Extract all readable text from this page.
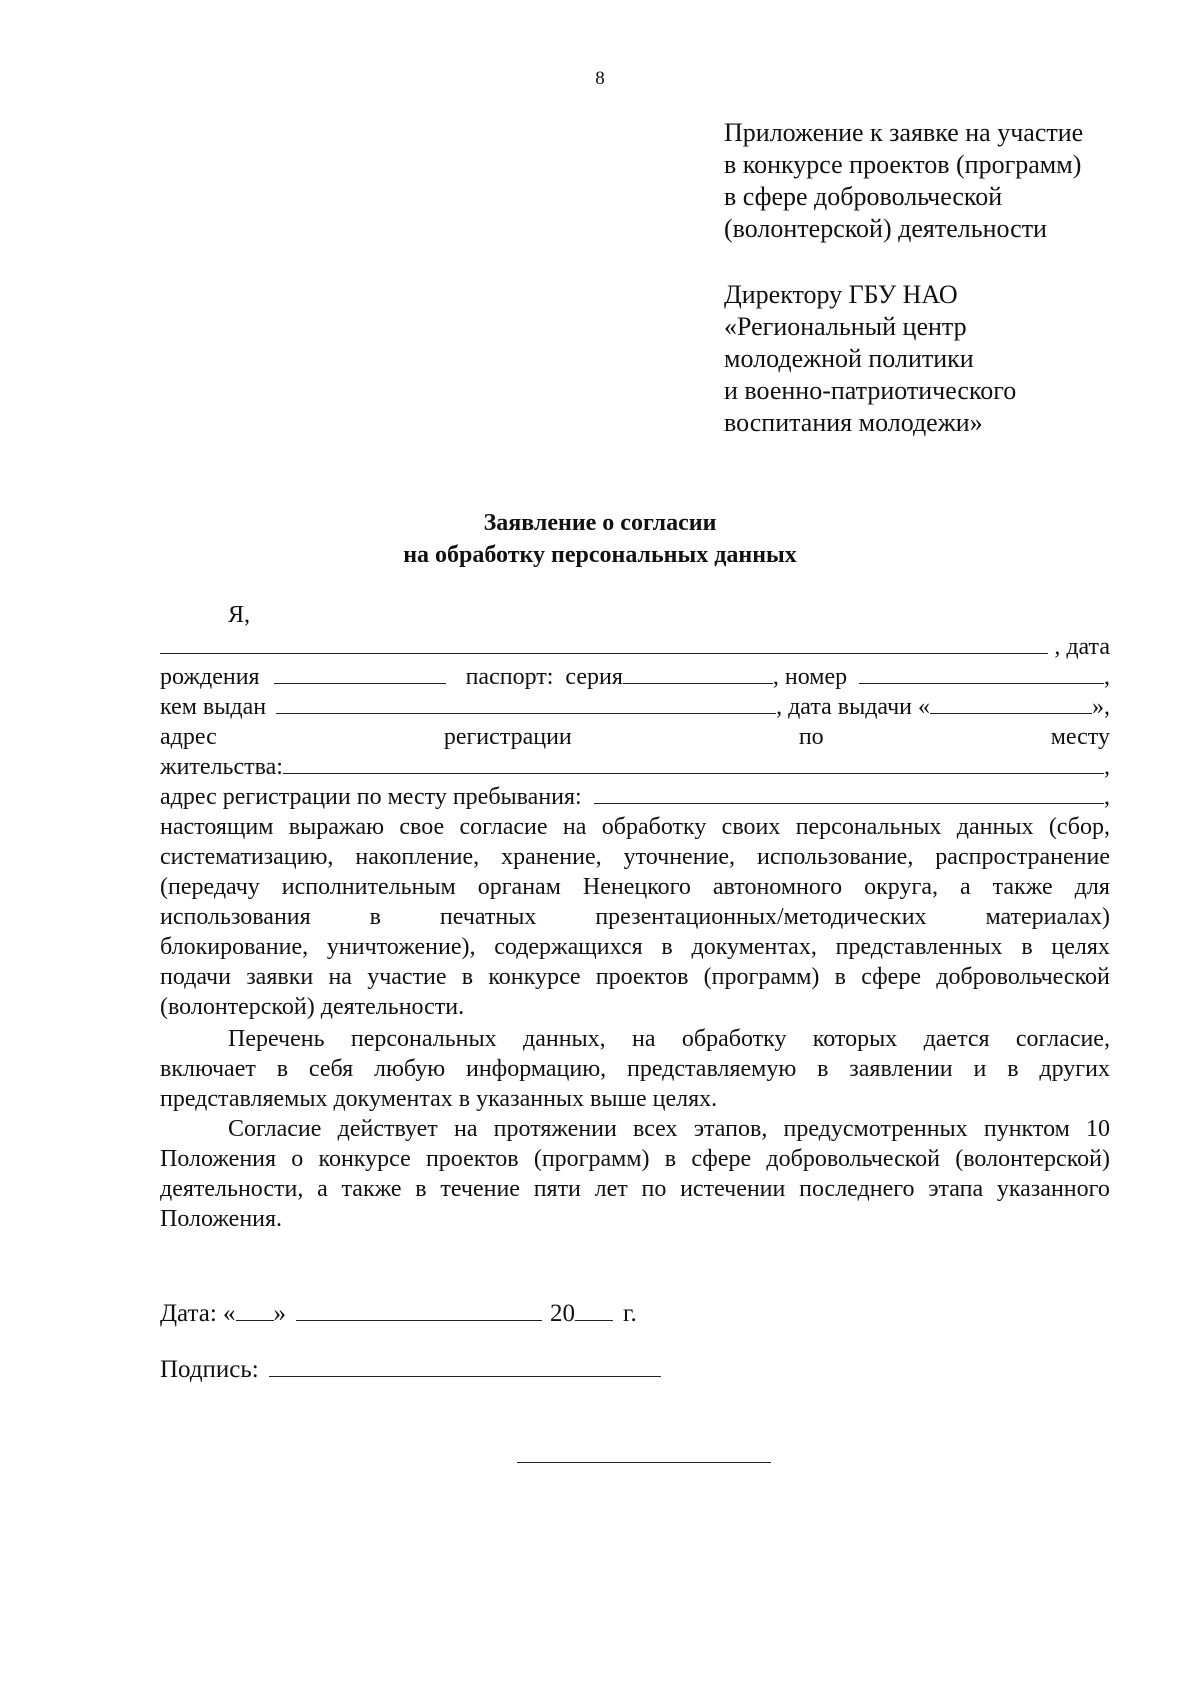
8
Приложение к заявке на участие
в конкурсе проектов (программ)
в сфере добровольческой
(волонтерской) деятельности
Директору ГБУ НАО
«Региональный центр
молодежной политики
и военно-патриотического
воспитания молодежи»
Заявление о согласии
на обработку персональных данных
Я,
, дата
рождения	паспорт: серия	, номер	,
кем выдан	, дата выдачи «	»,
адрес	регистрации	по	месту
жительства:	,
адрес регистрации по месту пребывания:	,
настоящим выражаю свое согласие на обработку своих персональных данных (сбор,
систематизацию, накопление, хранение, уточнение, использование, распространение
(передачу исполнительным органам Ненецкого автономного округа, а также для
использования в печатных презентационных/методических материалах)
блокирование, уничтожение), содержащихся в документах, представленных в целях
подачи заявки на участие в конкурсе проектов (программ) в сфере добровольческой
(волонтерской) деятельности.
Перечень персональных данных, на обработку которых дается согласие,
включает в себя любую информацию, представляемую в заявлении и в других
представляемых документах в указанных выше целях.
Согласие действует на протяжении всех этапов, предусмотренных пунктом 10
Положения о конкурсе проектов (программ) в сфере добровольческой (волонтерской)
деятельности, а также в течение пяти лет по истечении последнего этапа указанного
Положения.
Дата: « »	20 г.
Подпись:
